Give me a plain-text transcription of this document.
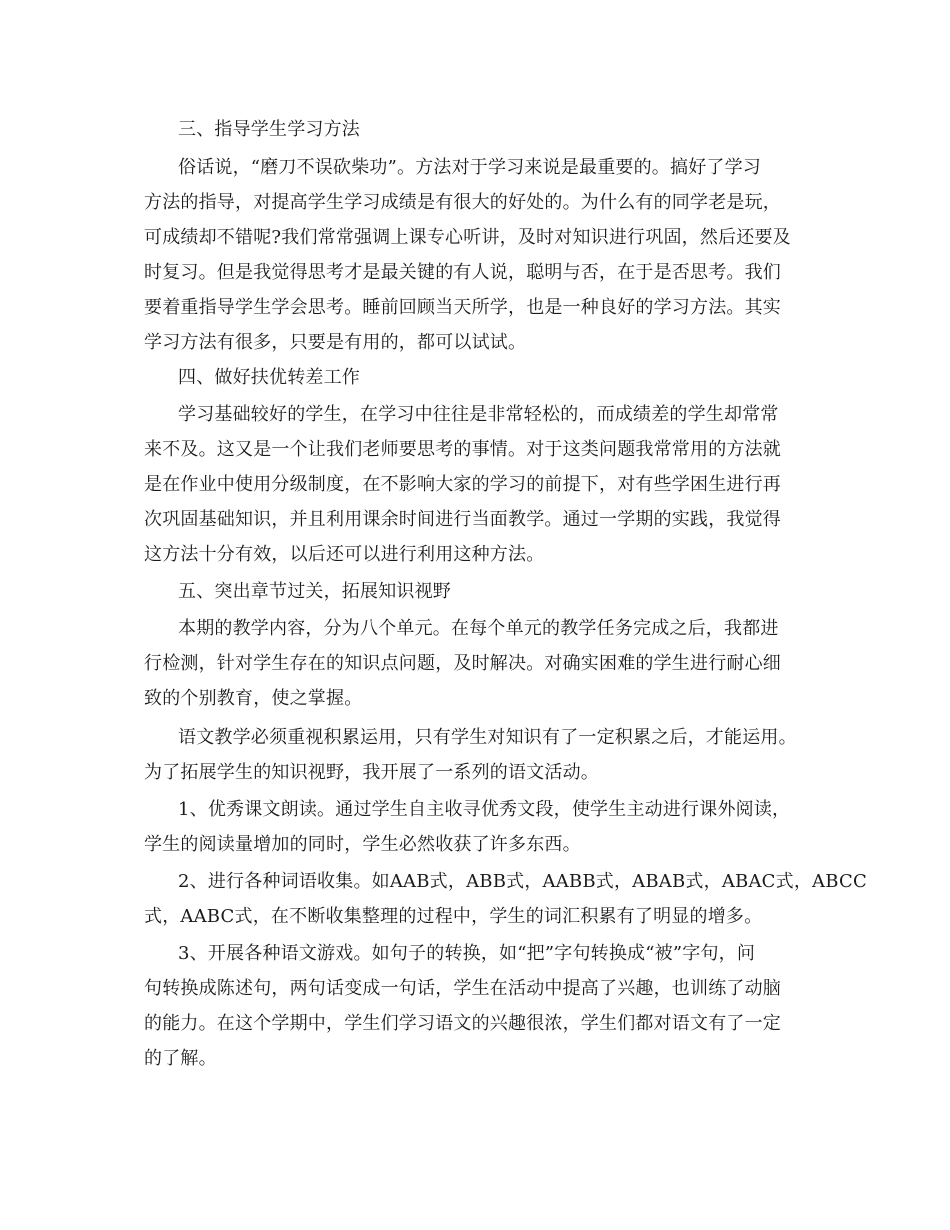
三、指导学生学习方法
俗话说，“磨刀不误砍柴功”。方法对于学习来说是最重要的。搞好了学习
方法的指导，对提高学生学习成绩是有很大的好处的。为什么有的同学老是玩，
可成绩却不错呢?我们常常强调上课专心听讲，及时对知识进行巩固，然后还要及
时复习。但是我觉得思考才是最关键的有人说，聪明与否，在于是否思考。我们
要着重指导学生学会思考。睡前回顾当天所学，也是一种良好的学习方法。其实
学习方法有很多，只要是有用的，都可以试试。
四、做好扶优转差工作
学习基础较好的学生，在学习中往往是非常轻松的，而成绩差的学生却常常
来不及。这又是一个让我们老师要思考的事情。对于这类问题我常常用的方法就
是在作业中使用分级制度，在不影响大家的学习的前提下，对有些学困生进行再
次巩固基础知识，并且利用课余时间进行当面教学。通过一学期的实践，我觉得
这方法十分有效，以后还可以进行利用这种方法。
五、突出章节过关，拓展知识视野
本期的教学内容，分为八个单元。在每个单元的教学任务完成之后，我都进
行检测，针对学生存在的知识点问题，及时解决。对确实困难的学生进行耐心细
致的个别教育，使之掌握。
语文教学必须重视积累运用，只有学生对知识有了一定积累之后，才能运用。
为了拓展学生的知识视野，我开展了一系列的语文活动。
1、优秀课文朗读。通过学生自主收寻优秀文段，使学生主动进行课外阅读，
学生的阅读量增加的同时，学生必然收获了许多东西。
2、进行各种词语收集。如AAB式，ABB式，AABB式，ABAB式，ABAC式，ABCC
式，AABC式，在不断收集整理的过程中，学生的词汇积累有了明显的增多。
3、开展各种语文游戏。如句子的转换，如“把”字句转换成“被”字句，问
句转换成陈述句，两句话变成一句话，学生在活动中提高了兴趣，也训练了动脑
的能力。在这个学期中，学生们学习语文的兴趣很浓，学生们都对语文有了一定
的了解。
